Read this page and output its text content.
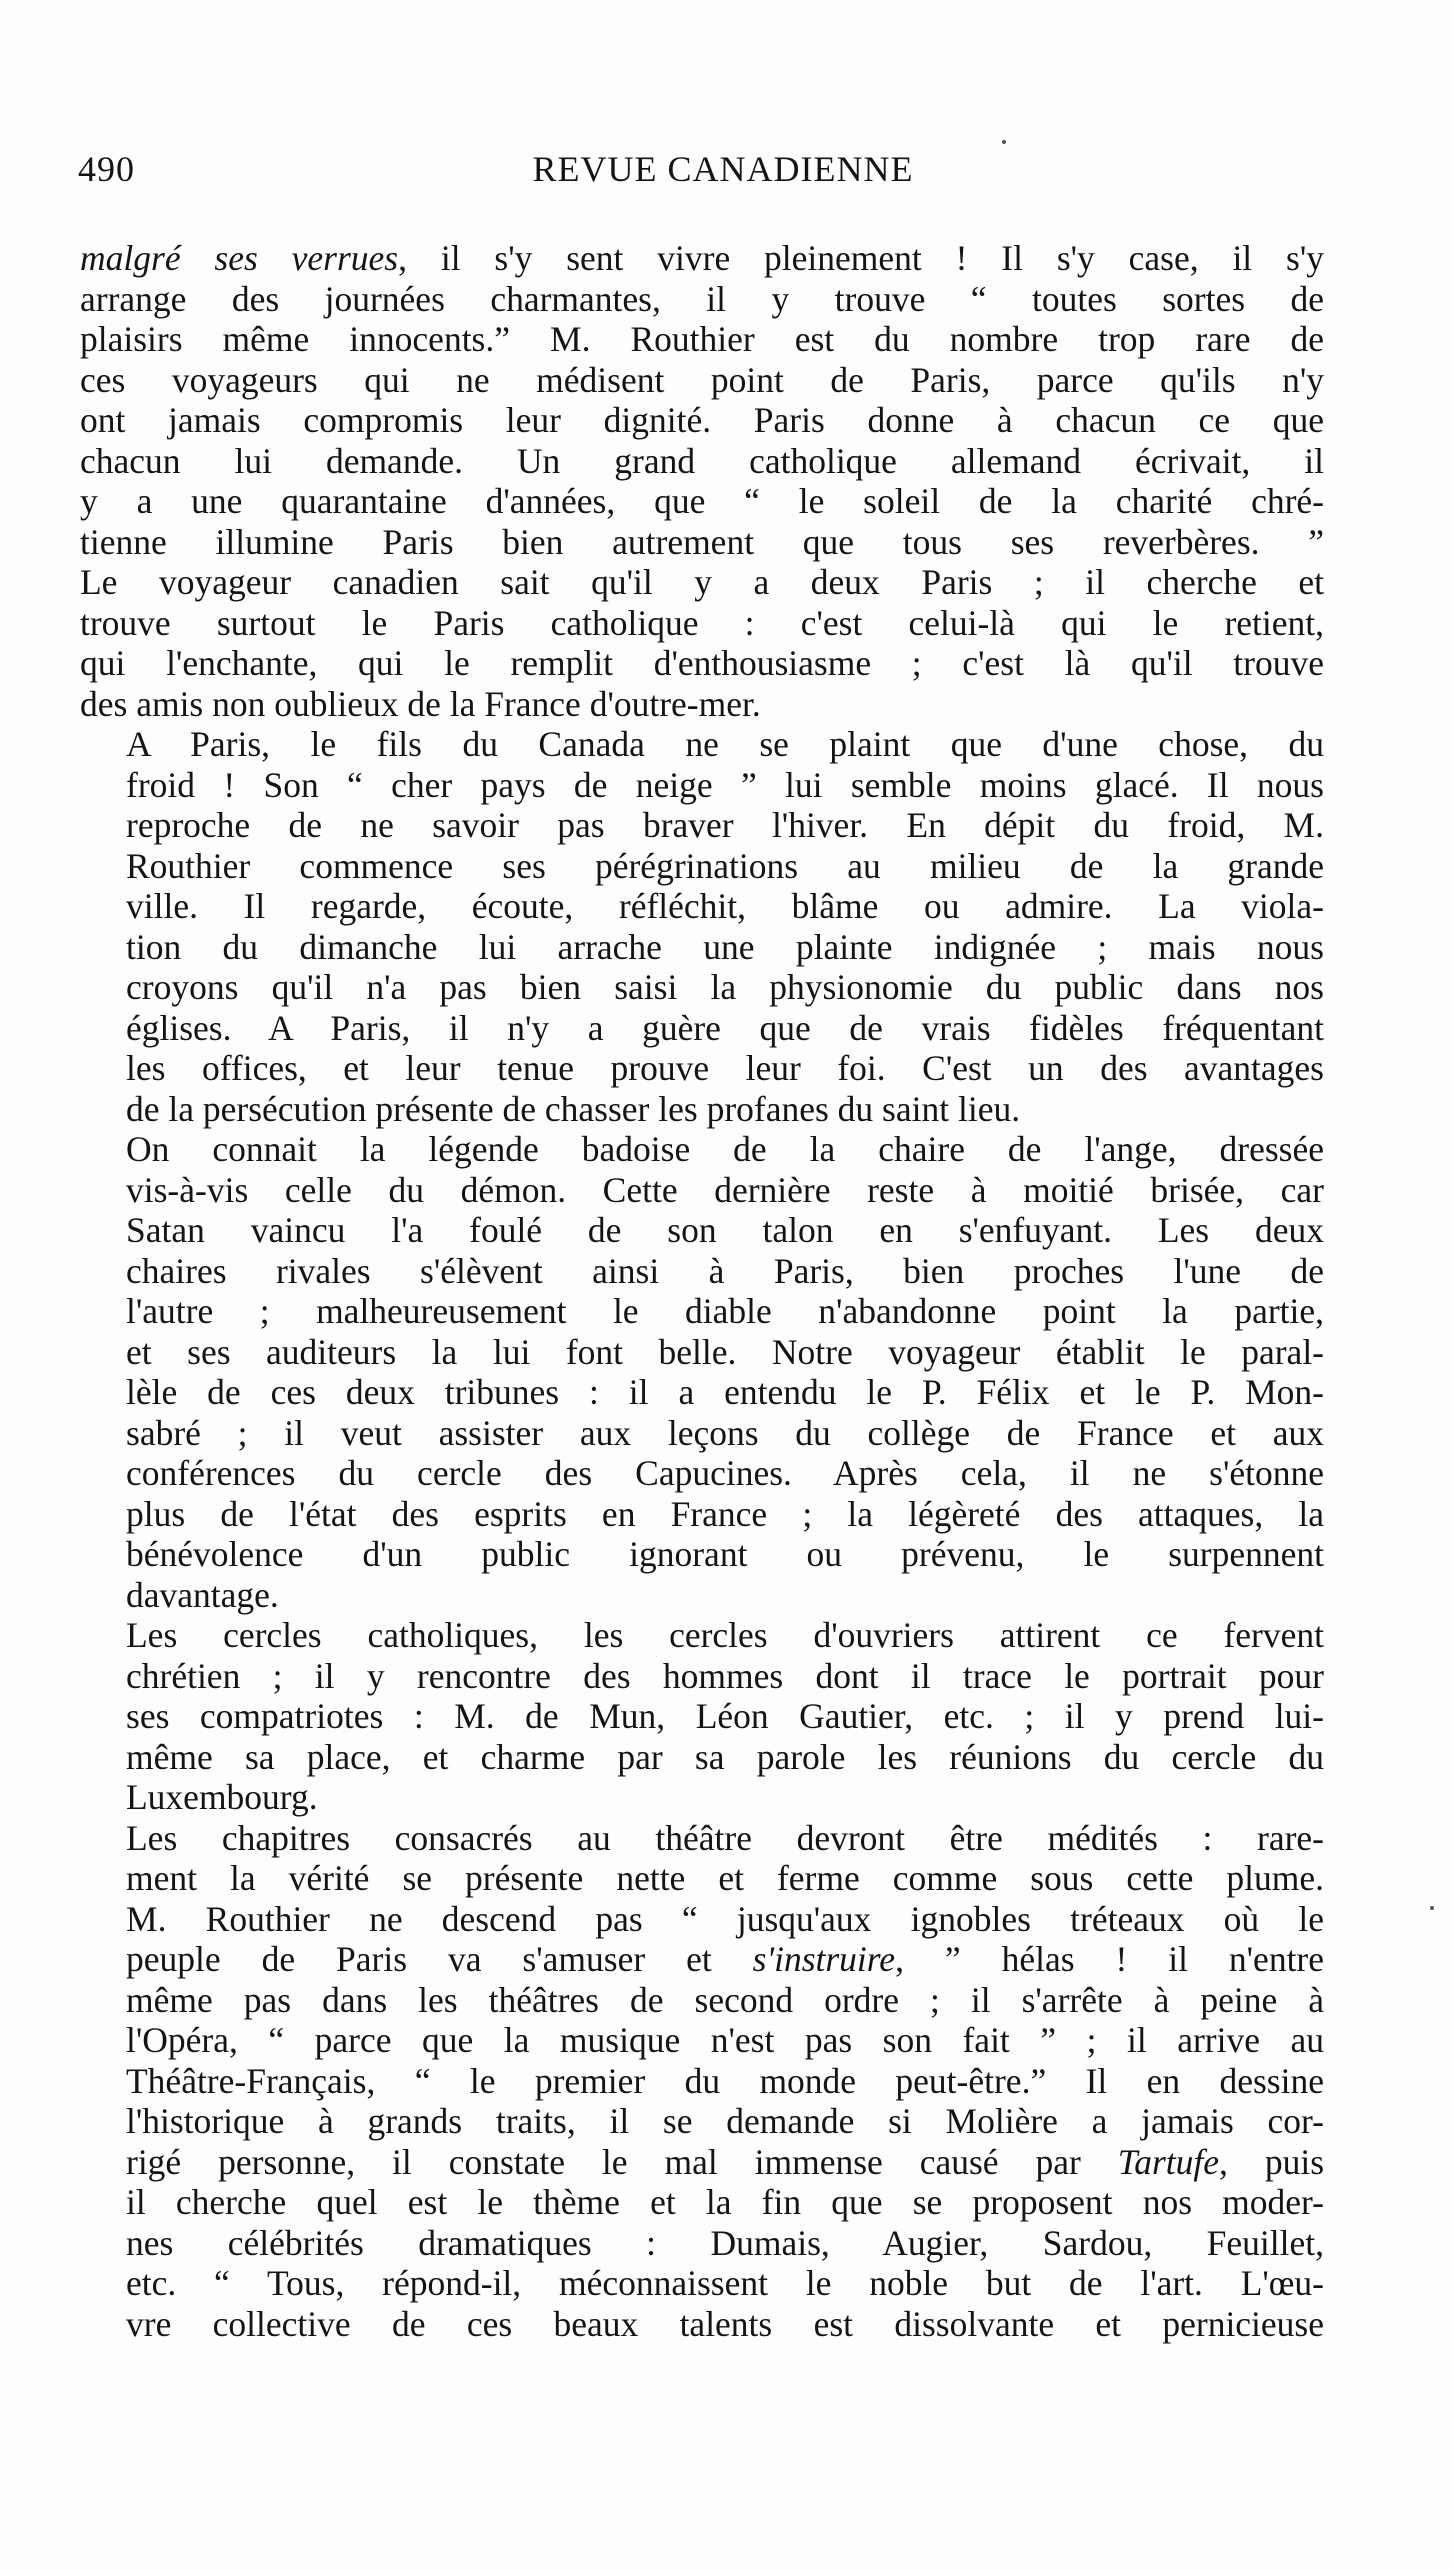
490	REVUE CANADIENNE

malgré ses verrues, il s'y sent vivre pleinement ! Il s'y case, il s'y
arrange des journées charmantes, il y trouve “ toutes sortes de
plaisirs même innocents.” M. Routhier est du nombre trop rare de
ces voyageurs qui ne médisent point de Paris, parce qu'ils n'y
ont jamais compromis leur dignité. Paris donne à chacun ce que
chacun lui demande. Un grand catholique allemand écrivait, il
y a une quarantaine d'années, que “ le soleil de la charité chré-
tienne illumine Paris bien autrement que tous ses reverbères. ”
Le voyageur canadien sait qu'il y a deux Paris ; il cherche et
trouve surtout le Paris catholique : c'est celui-là qui le retient,
qui l'enchante, qui le remplit d'enthousiasme ; c'est là qu'il trouve
des amis non oublieux de la France d'outre-mer.

A Paris, le fils du Canada ne se plaint que d'une chose, du
froid ! Son “ cher pays de neige ” lui semble moins glacé. Il nous
reproche de ne savoir pas braver l'hiver. En dépit du froid, M.
Routhier commence ses pérégrinations au milieu de la grande
ville. Il regarde, écoute, réfléchit, blâme ou admire. La viola-
tion du dimanche lui arrache une plainte indignée ; mais nous
croyons qu'il n'a pas bien saisi la physionomie du public dans nos
églises. A Paris, il n'y a guère que de vrais fidèles fréquentant
les offices, et leur tenue prouve leur foi. C'est un des avantages
de la persécution présente de chasser les profanes du saint lieu.

On connait la légende badoise de la chaire de l'ange, dressée
vis-à-vis celle du démon. Cette dernière reste à moitié brisée, car
Satan vaincu l'a foulé de son talon en s'enfuyant. Les deux
chaires rivales s'élèvent ainsi à Paris, bien proches l'une de
l'autre ; malheureusement le diable n'abandonne point la partie,
et ses auditeurs la lui font belle. Notre voyageur établit le paral-
lèle de ces deux tribunes : il a entendu le P. Félix et le P. Mon-
sabré ; il veut assister aux leçons du collège de France et aux
conférences du cercle des Capucines. Après cela, il ne s'étonne
plus de l'état des esprits en France ; la légèreté des attaques, la
bénévolence d'un public ignorant ou prévenu, le surpennent
davantage.

Les cercles catholiques, les cercles d'ouvriers attirent ce fervent
chrétien ; il y rencontre des hommes dont il trace le portrait pour
ses compatriotes : M. de Mun, Léon Gautier, etc. ; il y prend lui-
même sa place, et charme par sa parole les réunions du cercle du
Luxembourg.

Les chapitres consacrés au théâtre devront être médités : rare-
ment la vérité se présente nette et ferme comme sous cette plume.
M. Routhier ne descend pas “ jusqu'aux ignobles tréteaux où le
peuple de Paris va s'amuser et s'instruire, ” hélas ! il n'entre
même pas dans les théâtres de second ordre ; il s'arrête à peine à
l'Opéra, “ parce que la musique n'est pas son fait ” ; il arrive au
Théâtre-Français, “ le premier du monde peut-être.” Il en dessine
l'historique à grands traits, il se demande si Molière a jamais cor-
rigé personne, il constate le mal immense causé par Tartufe, puis
il cherche quel est le thème et la fin que se proposent nos moder-
nes célébrités dramatiques : Dumais, Augier, Sardou, Feuillet,
etc. “ Tous, répond-il, méconnaissent le noble but de l'art. L'œu-
vre collective de ces beaux talents est dissolvante et pernicieuse
